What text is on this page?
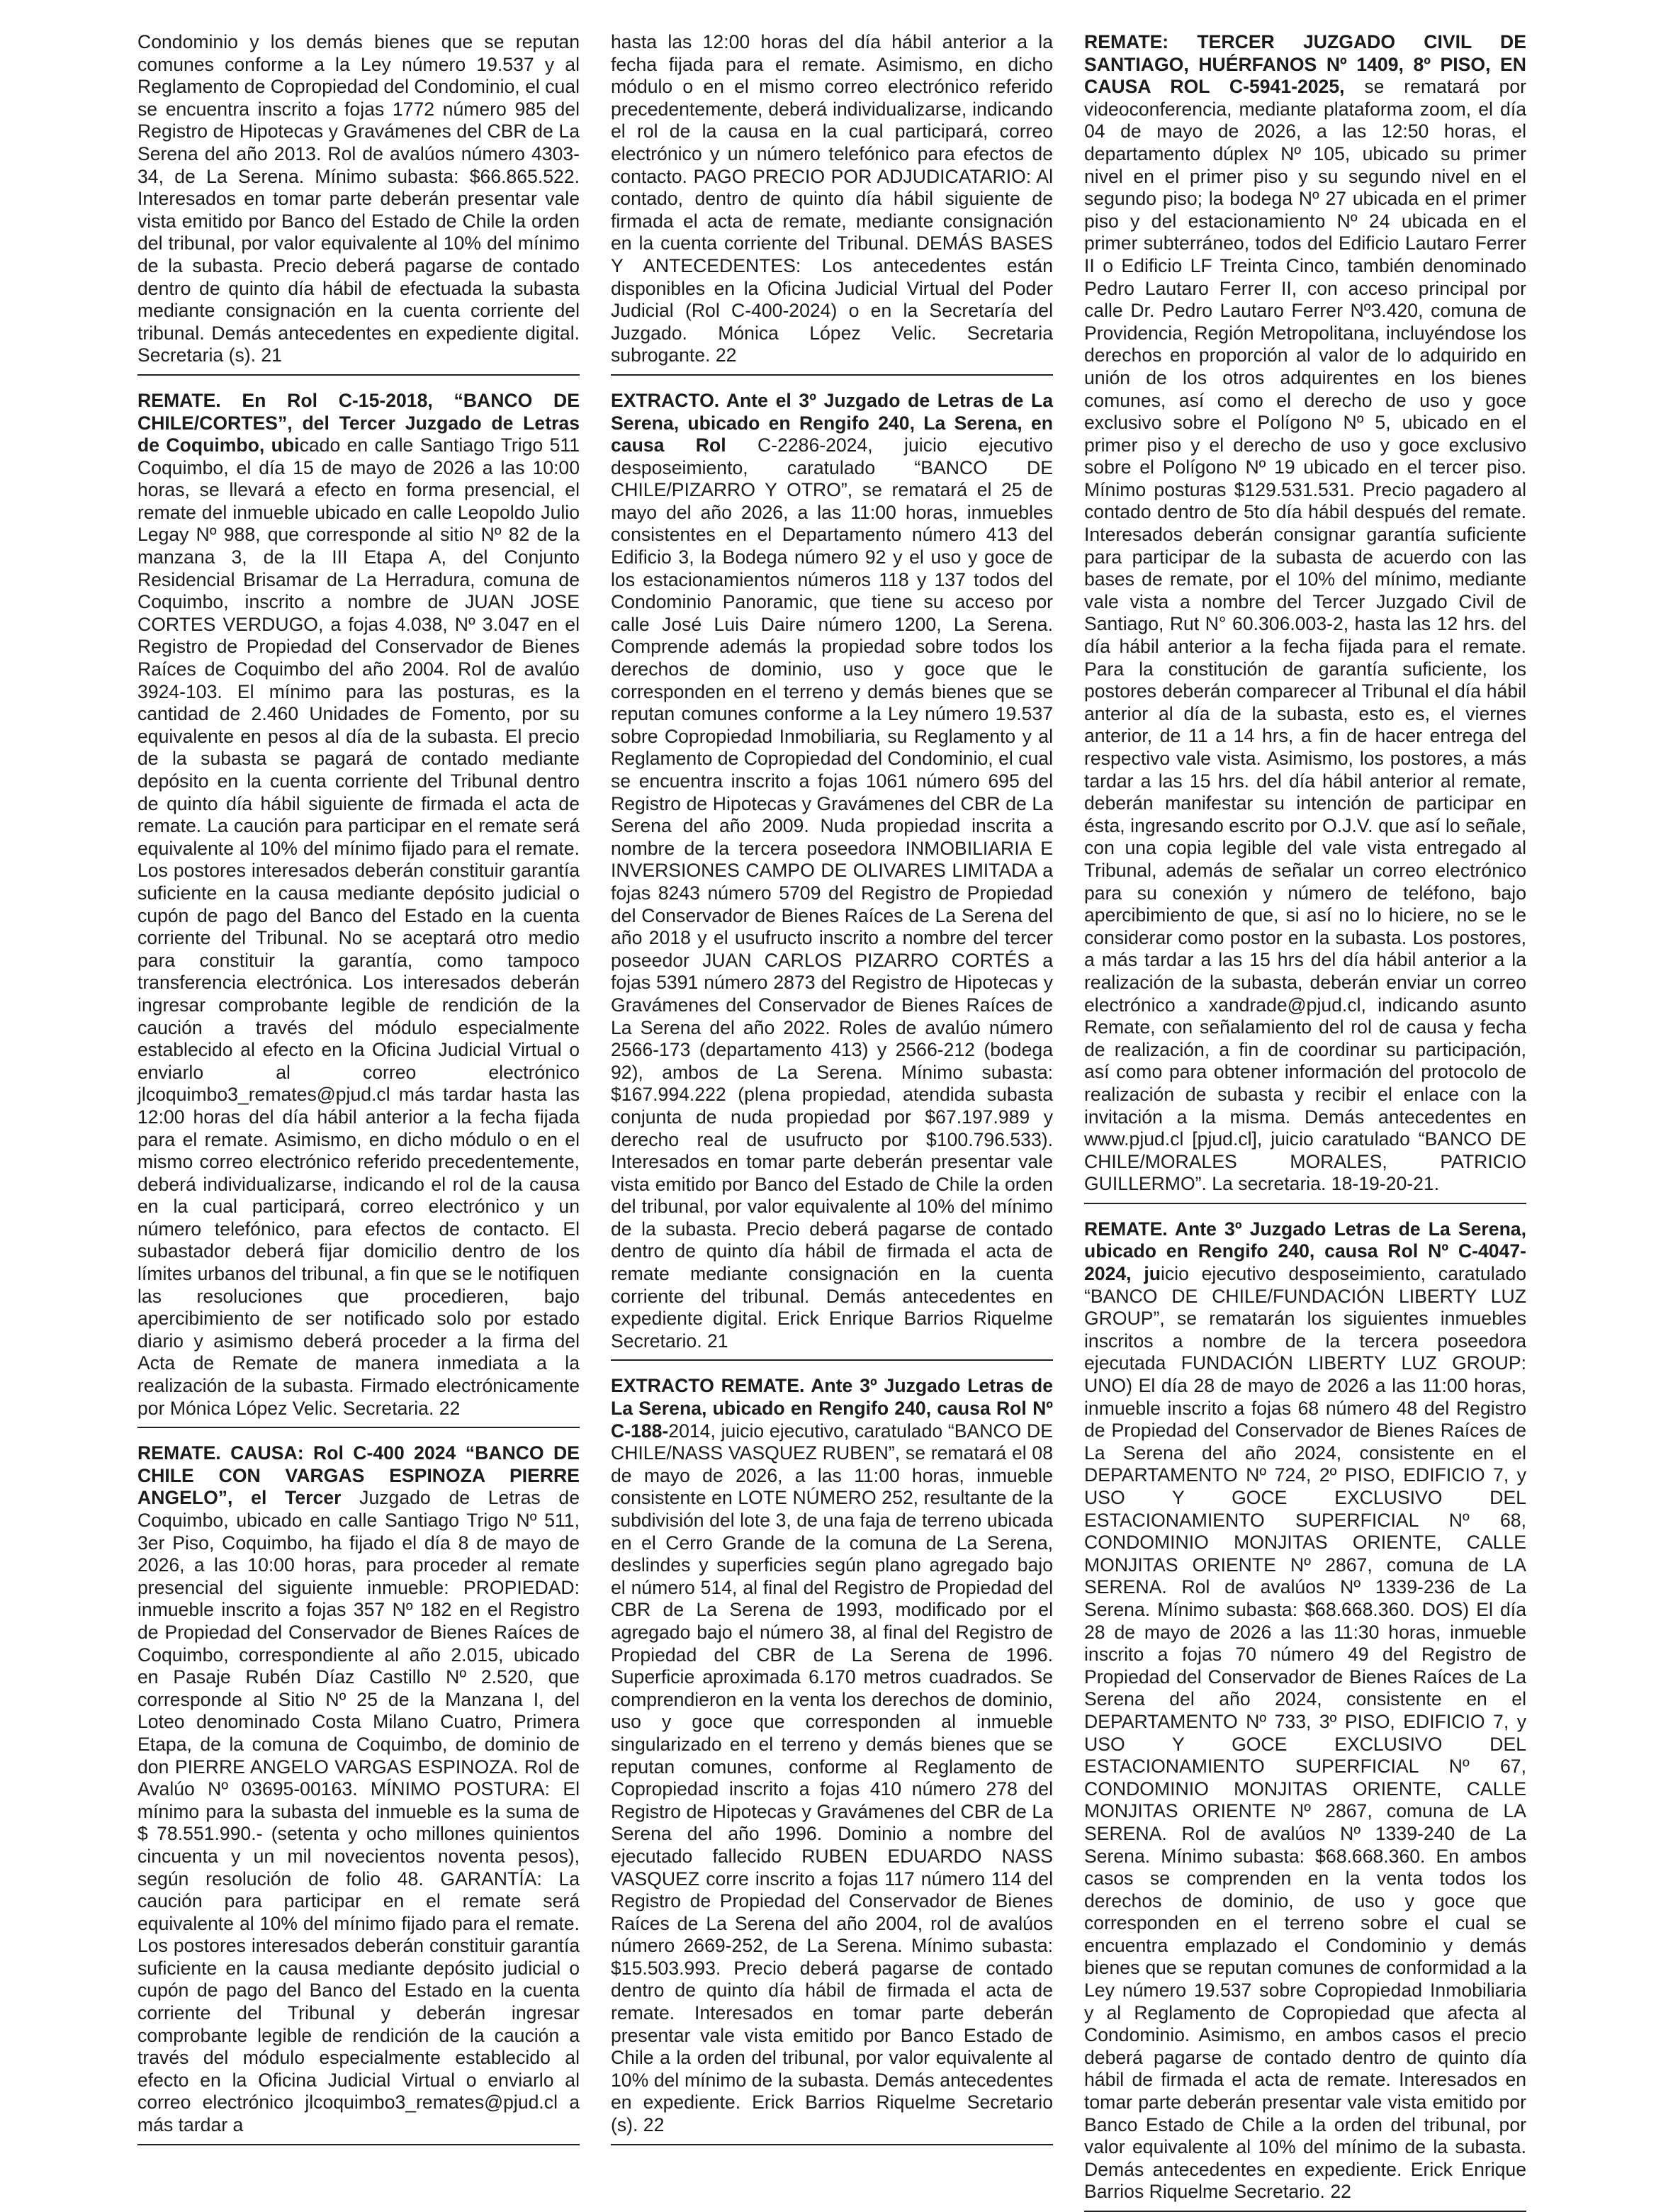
Condominio y los demás bienes que se reputan comunes conforme a la Ley número 19.537 y al Reglamento de Copropiedad del Condominio, el cual se encuentra inscrito a fojas 1772 número 985 del Registro de Hipotecas y Gravámenes del CBR de La Serena del año 2013. Rol de avalúos número 4303-34, de La Serena. Mínimo subasta: $66.865.522. Interesados en tomar parte deberán presentar vale vista emitido por Banco del Estado de Chile la orden del tribunal, por valor equivalente al 10% del mínimo de la subasta. Precio deberá pagarse de contado dentro de quinto día hábil de efectuada la subasta mediante consignación en la cuenta corriente del tribunal. Demás antecedentes en expediente digital. Secretaria (s). 21

REMATE. En Rol C-15-2018, “BANCO DE CHILE/CORTES”, del Tercer Juzgado de Letras de Coquimbo, ubicado en calle Santiago Trigo 511 Coquimbo, el día 15 de mayo de 2026 a las 10:00 horas, se llevará a efecto en forma presencial, el remate del inmueble ubicado en calle Leopoldo Julio Legay Nº 988, que corresponde al sitio Nº 82 de la manzana 3, de la III Etapa A, del Conjunto Residencial Brisamar de La Herradura, comuna de Coquimbo, inscrito a nombre de JUAN JOSE CORTES VERDUGO, a fojas 4.038, Nº 3.047 en el Registro de Propiedad del Conservador de Bienes Raíces de Coquimbo del año 2004. Rol de avalúo 3924-103. El mínimo para las posturas, es la cantidad de 2.460 Unidades de Fomento, por su equivalente en pesos al día de la subasta. El precio de la subasta se pagará de contado mediante depósito en la cuenta corriente del Tribunal dentro de quinto día hábil siguiente de firmada el acta de remate. La caución para participar en el remate será equivalente al 10% del mínimo fijado para el remate. Los postores interesados deberán constituir garantía suficiente en la causa mediante depósito judicial o cupón de pago del Banco del Estado en la cuenta corriente del Tribunal. No se aceptará otro medio para constituir la garantía, como tampoco transferencia electrónica. Los interesados deberán ingresar comprobante legible de rendición de la caución a través del módulo especialmente establecido al efecto en la Oficina Judicial Virtual o enviarlo al correo electrónico jlcoquimbo3_remates@pjud.cl más tardar hasta las 12:00 horas del día hábil anterior a la fecha fijada para el remate. Asimismo, en dicho módulo o en el mismo correo electrónico referido precedentemente, deberá individualizarse, indicando el rol de la causa en la cual participará, correo electrónico y un número telefónico, para efectos de contacto. El subastador deberá fijar domicilio dentro de los límites urbanos del tribunal, a fin que se le notifiquen las resoluciones que procedieren, bajo apercibimiento de ser notificado solo por estado diario y asimismo deberá proceder a la firma del Acta de Remate de manera inmediata a la realización de la subasta. Firmado electrónicamente por Mónica López Velic. Secretaria. 22

REMATE. CAUSA: Rol C-400 2024 “BANCO DE CHILE CON VARGAS ESPINOZA PIERRE ANGELO”, el Tercer Juzgado de Letras de Coquimbo, ubicado en calle Santiago Trigo Nº 511, 3er Piso, Coquimbo, ha fijado el día 8 de mayo de 2026, a las 10:00 horas, para proceder al remate presencial del siguiente inmueble: PROPIEDAD: inmueble inscrito a fojas 357 Nº 182 en el Registro de Propiedad del Conservador de Bienes Raíces de Coquimbo, correspondiente al año 2.015, ubicado en Pasaje Rubén Díaz Castillo Nº 2.520, que corresponde al Sitio Nº 25 de la Manzana I, del Loteo denominado Costa Milano Cuatro, Primera Etapa, de la comuna de Coquimbo, de dominio de don PIERRE ANGELO VARGAS ESPINOZA. Rol de Avalúo Nº 03695-00163. MÍNIMO POSTURA: El mínimo para la subasta del inmueble es la suma de $ 78.551.990.- (setenta y ocho millones quinientos cincuenta y un mil novecientos noventa pesos), según resolución de folio 48. GARANTÍA: La caución para participar en el remate será equivalente al 10% del mínimo fijado para el remate. Los postores interesados deberán constituir garantía suficiente en la causa mediante depósito judicial o cupón de pago del Banco del Estado en la cuenta corriente del Tribunal y deberán ingresar comprobante legible de rendición de la caución a través del módulo especialmente establecido al efecto en la Oficina Judicial Virtual o enviarlo al correo electrónico jlcoquimbo3_remates@pjud.cl a más tardar a

hasta las 12:00 horas del día hábil anterior a la fecha fijada para el remate. Asimismo, en dicho módulo o en el mismo correo electrónico referido precedentemente, deberá individualizarse, indicando el rol de la causa en la cual participará, correo electrónico y un número telefónico para efectos de contacto. PAGO PRECIO POR ADJUDICATARIO: Al contado, dentro de quinto día hábil siguiente de firmada el acta de remate, mediante consignación en la cuenta corriente del Tribunal. DEMÁS BASES Y ANTECEDENTES: Los antecedentes están disponibles en la Oficina Judicial Virtual del Poder Judicial (Rol C-400-2024) o en la Secretaría del Juzgado. Mónica López Velic. Secretaria subrogante. 22

EXTRACTO. Ante el 3º Juzgado de Letras de La Serena, ubicado en Rengifo 240, La Serena, en causa Rol C-2286-2024, juicio ejecutivo desposeimiento, caratulado “BANCO DE CHILE/PIZARRO Y OTRO”, se rematará el 25 de mayo del año 2026, a las 11:00 horas, inmuebles consistentes en el Departamento número 413 del Edificio 3, la Bodega número 92 y el uso y goce de los estacionamientos números 118 y 137 todos del Condominio Panoramic, que tiene su acceso por calle José Luis Daire número 1200, La Serena. Comprende además la propiedad sobre todos los derechos de dominio, uso y goce que le corresponden en el terreno y demás bienes que se reputan comunes conforme a la Ley número 19.537 sobre Copropiedad Inmobiliaria, su Reglamento y al Reglamento de Copropiedad del Condominio, el cual se encuentra inscrito a fojas 1061 número 695 del Registro de Hipotecas y Gravámenes del CBR de La Serena del año 2009. Nuda propiedad inscrita a nombre de la tercera poseedora INMOBILIARIA E INVERSIONES CAMPO DE OLIVARES LIMITADA a fojas 8243 número 5709 del Registro de Propiedad del Conservador de Bienes Raíces de La Serena del año 2018 y el usufructo inscrito a nombre del tercer poseedor JUAN CARLOS PIZARRO CORTÉS a fojas 5391 número 2873 del Registro de Hipotecas y Gravámenes del Conservador de Bienes Raíces de La Serena del año 2022. Roles de avalúo número 2566-173 (departamento 413) y 2566-212 (bodega 92), ambos de La Serena. Mínimo subasta: $167.994.222 (plena propiedad, atendida subasta conjunta de nuda propiedad por $67.197.989 y derecho real de usufructo por $100.796.533). Interesados en tomar parte deberán presentar vale vista emitido por Banco del Estado de Chile la orden del tribunal, por valor equivalente al 10% del mínimo de la subasta. Precio deberá pagarse de contado dentro de quinto día hábil de firmada el acta de remate mediante consignación en la cuenta corriente del tribunal. Demás antecedentes en expediente digital. Erick Enrique Barrios Riquelme Secretario. 21

EXTRACTO REMATE. Ante 3º Juzgado Letras de La Serena, ubicado en Rengifo 240, causa Rol Nº C-188-2014, juicio ejecutivo, caratulado “BANCO DE CHILE/NASS VASQUEZ RUBEN”, se rematará el 08 de mayo de 2026, a las 11:00 horas, inmueble consistente en LOTE NÚMERO 252, resultante de la subdivisión del lote 3, de una faja de terreno ubicada en el Cerro Grande de la comuna de La Serena, deslindes y superficies según plano agregado bajo el número 514, al final del Registro de Propiedad del CBR de La Serena de 1993, modificado por el agregado bajo el número 38, al final del Registro de Propiedad del CBR de La Serena de 1996. Superficie aproximada 6.170 metros cuadrados. Se comprendieron en la venta los derechos de dominio, uso y goce que corresponden al inmueble singularizado en el terreno y demás bienes que se reputan comunes, conforme al Reglamento de Copropiedad inscrito a fojas 410 número 278 del Registro de Hipotecas y Gravámenes del CBR de La Serena del año 1996. Dominio a nombre del ejecutado fallecido RUBEN EDUARDO NASS VASQUEZ corre inscrito a fojas 117 número 114 del Registro de Propiedad del Conservador de Bienes Raíces de La Serena del año 2004, rol de avalúos número 2669-252, de La Serena. Mínimo subasta: $15.503.993. Precio deberá pagarse de contado dentro de quinto día hábil de firmada el acta de remate. Interesados en tomar parte deberán presentar vale vista emitido por Banco Estado de Chile a la orden del tribunal, por valor equivalente al 10% del mínimo de la subasta. Demás antecedentes en expediente. Erick Barrios Riquelme Secretario (s). 22

REMATE: TERCER JUZGADO CIVIL DE SANTIAGO, HUÉRFANOS Nº 1409, 8º PISO, EN CAUSA ROL C-5941-2025, se rematará por videoconferencia, mediante plataforma zoom, el día 04 de mayo de 2026, a las 12:50 horas, el departamento dúplex Nº 105, ubicado su primer nivel en el primer piso y su segundo nivel en el segundo piso; la bodega Nº 27 ubicada en el primer piso y del estacionamiento Nº 24 ubicada en el primer subterráneo, todos del Edificio Lautaro Ferrer II o Edificio LF Treinta Cinco, también denominado Pedro Lautaro Ferrer II, con acceso principal por calle Dr. Pedro Lautaro Ferrer Nº3.420, comuna de Providencia, Región Metropolitana, incluyéndose los derechos en proporción al valor de lo adquirido en unión de los otros adquirentes en los bienes comunes, así como el derecho de uso y goce exclusivo sobre el Polígono Nº 5, ubicado en el primer piso y el derecho de uso y goce exclusivo sobre el Polígono Nº 19 ubicado en el tercer piso. Mínimo posturas $129.531.531. Precio pagadero al contado dentro de 5to día hábil después del remate. Interesados deberán consignar garantía suficiente para participar de la subasta de acuerdo con las bases de remate, por el 10% del mínimo, mediante vale vista a nombre del Tercer Juzgado Civil de Santiago, Rut N° 60.306.003-2, hasta las 12 hrs. del día hábil anterior a la fecha fijada para el remate. Para la constitución de garantía suficiente, los postores deberán comparecer al Tribunal el día hábil anterior al día de la subasta, esto es, el viernes anterior, de 11 a 14 hrs, a fin de hacer entrega del respectivo vale vista. Asimismo, los postores, a más tardar a las 15 hrs. del día hábil anterior al remate, deberán manifestar su intención de participar en ésta, ingresando escrito por O.J.V. que así lo señale, con una copia legible del vale vista entregado al Tribunal, además de señalar un correo electrónico para su conexión y número de teléfono, bajo apercibimiento de que, si así no lo hiciere, no se le considerar como postor en la subasta. Los postores, a más tardar a las 15 hrs del día hábil anterior a la realización de la subasta, deberán enviar un correo electrónico a xandrade@pjud.cl, indicando asunto Remate, con señalamiento del rol de causa y fecha de realización, a fin de coordinar su participación, así como para obtener información del protocolo de realización de subasta y recibir el enlace con la invitación a la misma. Demás antecedentes en www.pjud.cl [pjud.cl], juicio caratulado “BANCO DE CHILE/MORALES MORALES, PATRICIO GUILLERMO”. La secretaria. 18-19-20-21.

REMATE. Ante 3º Juzgado Letras de La Serena, ubicado en Rengifo 240, causa Rol Nº C-4047-2024, juicio ejecutivo desposeimiento, caratulado “BANCO DE CHILE/FUNDACIÓN LIBERTY LUZ GROUP”, se rematarán los siguientes inmuebles inscritos a nombre de la tercera poseedora ejecutada FUNDACIÓN LIBERTY LUZ GROUP: UNO) El día 28 de mayo de 2026 a las 11:00 horas, inmueble inscrito a fojas 68 número 48 del Registro de Propiedad del Conservador de Bienes Raíces de La Serena del año 2024, consistente en el DEPARTAMENTO Nº 724, 2º PISO, EDIFICIO 7, y USO Y GOCE EXCLUSIVO DEL ESTACIONAMIENTO SUPERFICIAL Nº 68, CONDOMINIO MONJITAS ORIENTE, CALLE MONJITAS ORIENTE Nº 2867, comuna de LA SERENA. Rol de avalúos Nº 1339-236 de La Serena. Mínimo subasta: $68.668.360. DOS) El día 28 de mayo de 2026 a las 11:30 horas, inmueble inscrito a fojas 70 número 49 del Registro de Propiedad del Conservador de Bienes Raíces de La Serena del año 2024, consistente en el DEPARTAMENTO Nº 733, 3º PISO, EDIFICIO 7, y USO Y GOCE EXCLUSIVO DEL ESTACIONAMIENTO SUPERFICIAL Nº 67, CONDOMINIO MONJITAS ORIENTE, CALLE MONJITAS ORIENTE Nº 2867, comuna de LA SERENA. Rol de avalúos Nº 1339-240 de La Serena. Mínimo subasta: $68.668.360. En ambos casos se comprenden en la venta todos los derechos de dominio, de uso y goce que corresponden en el terreno sobre el cual se encuentra emplazado el Condominio y demás bienes que se reputan comunes de conformidad a la Ley número 19.537 sobre Copropiedad Inmobiliaria y al Reglamento de Copropiedad que afecta al Condominio. Asimismo, en ambos casos el precio deberá pagarse de contado dentro de quinto día hábil de firmada el acta de remate. Interesados en tomar parte deberán presentar vale vista emitido por Banco Estado de Chile a la orden del tribunal, por valor equivalente al 10% del mínimo de la subasta. Demás antecedentes en expediente. Erick Enrique Barrios Riquelme Secretario. 22
